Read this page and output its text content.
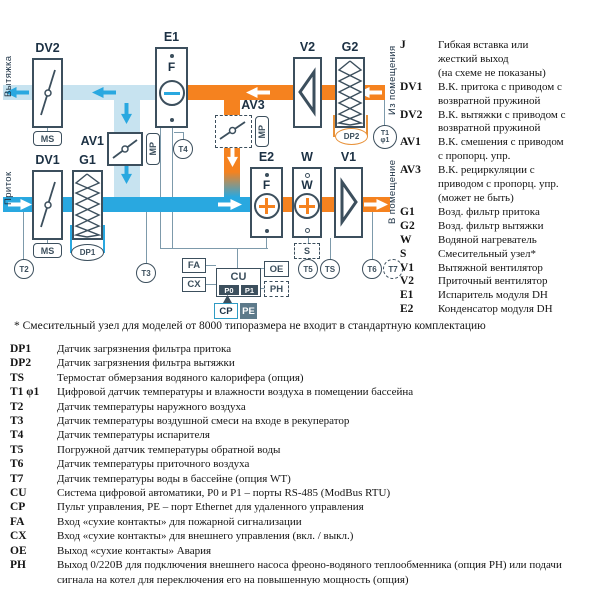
Вытяжка
Приток
Из помещения
В помещение
DV2
MS
DV1
MS
G1
DP1
AV1
MP
E1
F
T4
AV3
MP
V2	G2
DP2	T1
φ1
E2
F
W
W
S
V1
T2	T3	T5	TS	T6	T7
FA
CX
CU
P0	P1
OE
PH
CP	PE
J	Гибкая вставка или
жесткий выход
(на схеме не показаны)
DV1	В.К. притока с приводом с
возвратной пружиной
DV2	В.К. вытяжки с приводом с
возвратной пружиной
AV1	В.К. смешения с приводом
с пропорц. упр.
AV3	В.К. рециркуляции с
приводом с пропорц. упр.
(может не быть)
G1	Возд. фильтр притока
G2	Возд. фильтр вытяжки
W	Водяной нагреватель
S	Смесительный узел*
V1	Вытяжной вентилятор
V2	Приточный вентилятор
E1	Испаритель модуля DH
E2	Конденсатор модуля DH
* Смесительный узел для моделей от 8000 типоразмера не входит в стандартную комплектацию
DP1	Датчик загрязнения фильтра притока
DP2	Датчик загрязнения фильтра вытяжки
TS	Термостат обмерзания водяного калорифера (опция)
T1 φ1	Цифровой датчик температуры и влажности воздуха в помещении бассейна
T2	Датчик температуры наружного воздуха
T3	Датчик температуры воздушной смеси на входе в рекуператор
T4	Датчик температуры испарителя
T5	Погружной датчик температуры обратной воды
T6	Датчик температуры приточного воздуха
T7	Датчик температуры воды в бассейне (опция WT)
CU	Система цифровой автоматики, P0 и P1 – порты RS-485 (ModBus RTU)
CP	Пульт управления, PE – порт Ethernet для удаленного управления
FA	Вход «сухие контакты» для пожарной сигнализации
CX	Вход «сухие контакты» для внешнего управления (вкл. / выкл.)
OE	Выход «сухие контакты» Авария
PH	Выход 0/220В для подключения внешнего насоса фреоно-водяного теплообменника (опция PH) или подачи сигнала на котел для переключения его на повышенную мощность (опция)
